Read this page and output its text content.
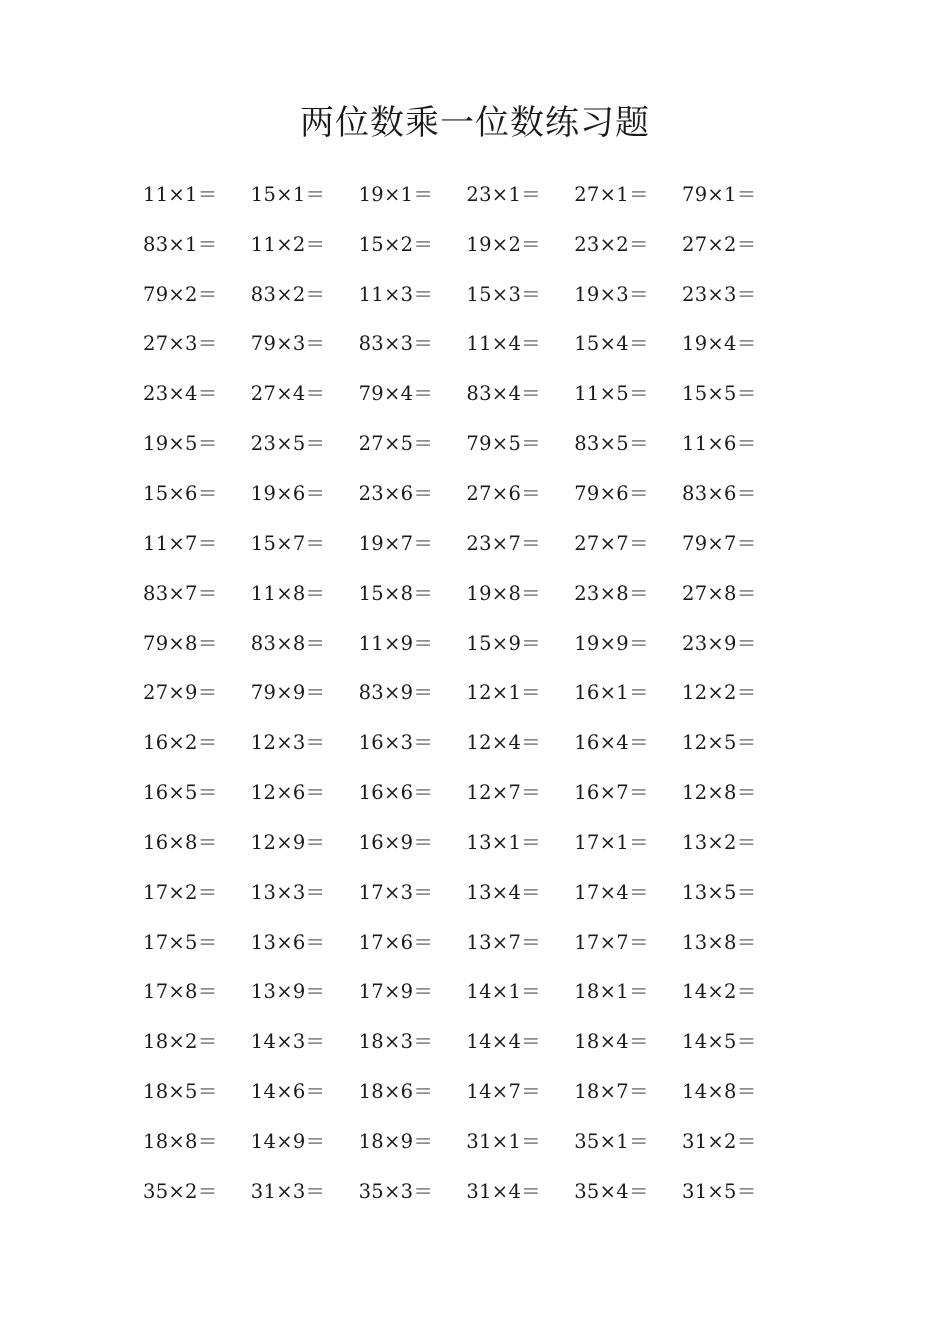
两位数乘一位数练习题
11×1＝	15×1＝	19×1＝	23×1＝	27×1＝	79×1＝
83×1＝	11×2＝	15×2＝	19×2＝	23×2＝	27×2＝
79×2＝	83×2＝	11×3＝	15×3＝	19×3＝	23×3＝
27×3＝	79×3＝	83×3＝	11×4＝	15×4＝	19×4＝
23×4＝	27×4＝	79×4＝	83×4＝	11×5＝	15×5＝
19×5＝	23×5＝	27×5＝	79×5＝	83×5＝	11×6＝
15×6＝	19×6＝	23×6＝	27×6＝	79×6＝	83×6＝
11×7＝	15×7＝	19×7＝	23×7＝	27×7＝	79×7＝
83×7＝	11×8＝	15×8＝	19×8＝	23×8＝	27×8＝
79×8＝	83×8＝	11×9＝	15×9＝	19×9＝	23×9＝
27×9＝	79×9＝	83×9＝	12×1＝	16×1＝	12×2＝
16×2＝	12×3＝	16×3＝	12×4＝	16×4＝	12×5＝
16×5＝	12×6＝	16×6＝	12×7＝	16×7＝	12×8＝
16×8＝	12×9＝	16×9＝	13×1＝	17×1＝	13×2＝
17×2＝	13×3＝	17×3＝	13×4＝	17×4＝	13×5＝
17×5＝	13×6＝	17×6＝	13×7＝	17×7＝	13×8＝
17×8＝	13×9＝	17×9＝	14×1＝	18×1＝	14×2＝
18×2＝	14×3＝	18×3＝	14×4＝	18×4＝	14×5＝
18×5＝	14×6＝	18×6＝	14×7＝	18×7＝	14×8＝
18×8＝	14×9＝	18×9＝	31×1＝	35×1＝	31×2＝
35×2＝	31×3＝	35×3＝	31×4＝	35×4＝	31×5＝
